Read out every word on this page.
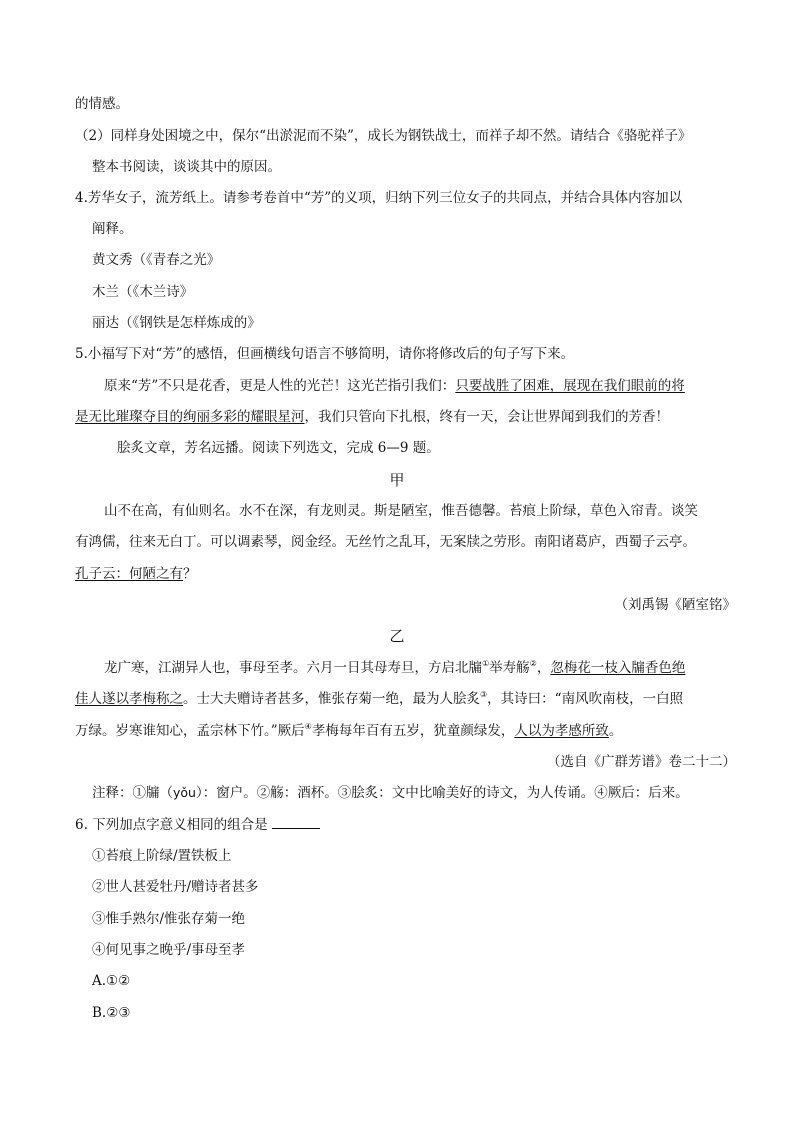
的情感。
（2）同样身处困境之中，保尔“出淤泥而不染”，成长为钢铁战士，而祥子却不然。请结合《骆驼祥子》
整本书阅读，谈谈其中的原因。
4.芳华女子，流芳纸上。请参考卷首中“芳”的义项，归纳下列三位女子的共同点，并结合具体内容加以
阐释。
黄文秀（《青春之光》
木兰（《木兰诗》
丽达（《钢铁是怎样炼成的》
5.小福写下对“芳”的感悟，但画横线句语言不够简明，请你将修改后的句子写下来。
原来“芳”不只是花香，更是人性的光芒！这光芒指引我们：只要战胜了困难，展现在我们眼前的将
是无比璀璨夺目的绚丽多彩的耀眼星河，我们只管向下扎根，终有一天，会让世界闻到我们的芳香！
脍炙文章，芳名远播。阅读下列选文，完成 6—9 题。
甲
山不在高，有仙则名。水不在深，有龙则灵。斯是陋室，惟吾德馨。苔痕上阶绿，草色入帘青。谈笑
有鸿儒，往来无白丁。可以调素琴，阅金经。无丝竹之乱耳，无案牍之劳形。南阳诸葛庐，西蜀子云亭。
孔子云：何陋之有？
（刘禹锡《陋室铭》
乙
龙广寒，江湖异人也，事母至孝。六月一日其母寿旦，方启北牖①举寿觞②，忽梅花一枝入牖香色绝
佳人遂以孝梅称之。士大夫赠诗者甚多，惟张存菊一绝，最为人脍炙③，其诗曰：“南风吹南枝，一白照
万绿。岁寒谁知心，孟宗林下竹。”厥后④孝梅每年百有五岁，犹童颜绿发，人以为孝感所致。
（选自《广群芳谱》卷二十二）
注释：①牖（yǒu）：窗户。②觞：酒杯。③脍炙：文中比喻美好的诗文，为人传诵。④厥后：后来。
6. 下列加点字意义相同的组合是
①苔痕上阶绿/置铁板上
②世人甚爱牡丹/赠诗者甚多
③惟手熟尔/惟张存菊一绝
④何见事之晚乎/事母至孝
A.①②
B.②③
